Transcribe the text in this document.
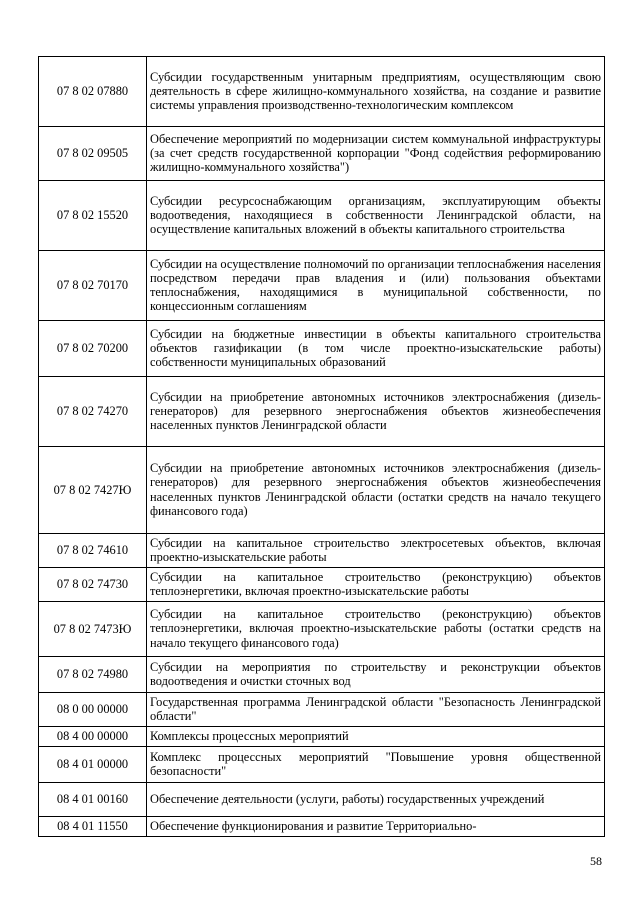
07 8 02 07880	Субсидии государственным унитарным предприятиям, осуществляющим свою деятельность в сфере жилищно-коммунального хозяйства, на создание и развитие системы управления производственно-технологическим комплексом
07 8 02 09505	Обеспечение мероприятий по модернизации систем коммунальной инфраструктуры (за счет средств государственной корпорации "Фонд содействия реформированию жилищно-коммунального хозяйства")
07 8 02 15520	Субсидии ресурсоснабжающим организациям, эксплуатирующим объекты водоотведения, находящиеся в собственности Ленинградской области, на осуществление капитальных вложений в объекты капитального строительства
07 8 02 70170	Субсидии на осуществление полномочий по организации теплоснабжения населения посредством передачи прав владения и (или) пользования объектами теплоснабжения, находящимися в муниципальной собственности, по концессионным соглашениям
07 8 02 70200	Субсидии на бюджетные инвестиции в объекты капитального строительства объектов газификации (в том числе проектно-изыскательские работы) собственности муниципальных образований
07 8 02 74270	Субсидии на приобретение автономных источников электроснабжения (дизель-генераторов) для резервного энергоснабжения объектов жизнеобеспечения населенных пунктов Ленинградской области
07 8 02 7427Ю	Субсидии на приобретение автономных источников электроснабжения (дизель-генераторов) для резервного энергоснабжения объектов жизнеобеспечения населенных пунктов Ленинградской области (остатки средств на начало текущего финансового года)
07 8 02 74610	Субсидии на капитальное строительство электросетевых объектов, включая проектно-изыскательские работы
07 8 02 74730	Субсидии на капитальное строительство (реконструкцию) объектов теплоэнергетики, включая проектно-изыскательские работы
07 8 02 7473Ю	Субсидии на капитальное строительство (реконструкцию) объектов теплоэнергетики, включая проектно-изыскательские работы (остатки средств на начало текущего финансового года)
07 8 02 74980	Субсидии на мероприятия по строительству и реконструкции объектов водоотведения и очистки сточных вод
08 0 00 00000	Государственная программа Ленинградской области "Безопасность Ленинградской области"
08 4 00 00000	Комплексы процессных мероприятий
08 4 01 00000	Комплекс процессных мероприятий "Повышение уровня общественной безопасности"
08 4 01 00160	Обеспечение деятельности (услуги, работы) государственных учреждений
08 4 01 11550	Обеспечение функционирования и развитие Территориально-
58
